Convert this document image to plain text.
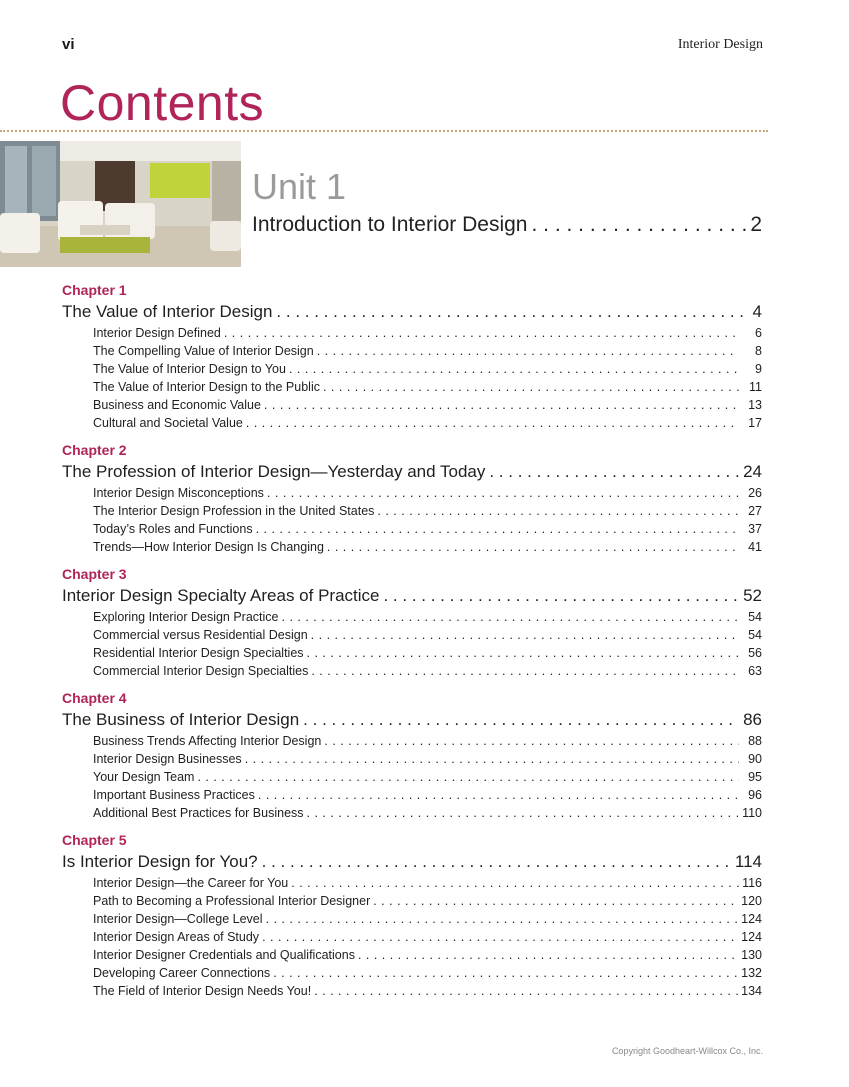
vi	Interior Design
Contents
Unit 1
Introduction to Interior Design . . .	2
Chapter 1
The Value of Interior Design . . .	4
Interior Design Defined . . .	6
The Compelling Value of Interior Design . . .	8
The Value of Interior Design to You . . .	9
The Value of Interior Design to the Public . . .	11
Business and Economic Value . . .	13
Cultural and Societal Value . . .	17
Chapter 2
The Profession of Interior Design—Yesterday and Today . . .	24
Interior Design Misconceptions . . .	26
The Interior Design Profession in the United States . . .	27
Today’s Roles and Functions . . .	37
Trends—How Interior Design Is Changing . . .	41
Chapter 3
Interior Design Specialty Areas of Practice . . .	52
Exploring Interior Design Practice . . .	54
Commercial versus Residential Design . . .	54
Residential Interior Design Specialties . . .	56
Commercial Interior Design Specialties . . .	63
Chapter 4
The Business of Interior Design . . .	86
Business Trends Affecting Interior Design . . .	88
Interior Design Businesses . . .	90
Your Design Team . . .	95
Important Business Practices . . .	96
Additional Best Practices for Business . . .	110
Chapter 5
Is Interior Design for You? . . .	114
Interior Design—the Career for You . . .	116
Path to Becoming a Professional Interior Designer . . .	120
Interior Design—College Level . . .	124
Interior Design Areas of Study . . .	124
Interior Designer Credentials and Qualifications . . .	130
Developing Career Connections . . .	132
The Field of Interior Design Needs You! . . .	134
Copyright Goodheart-Willcox Co., Inc.
